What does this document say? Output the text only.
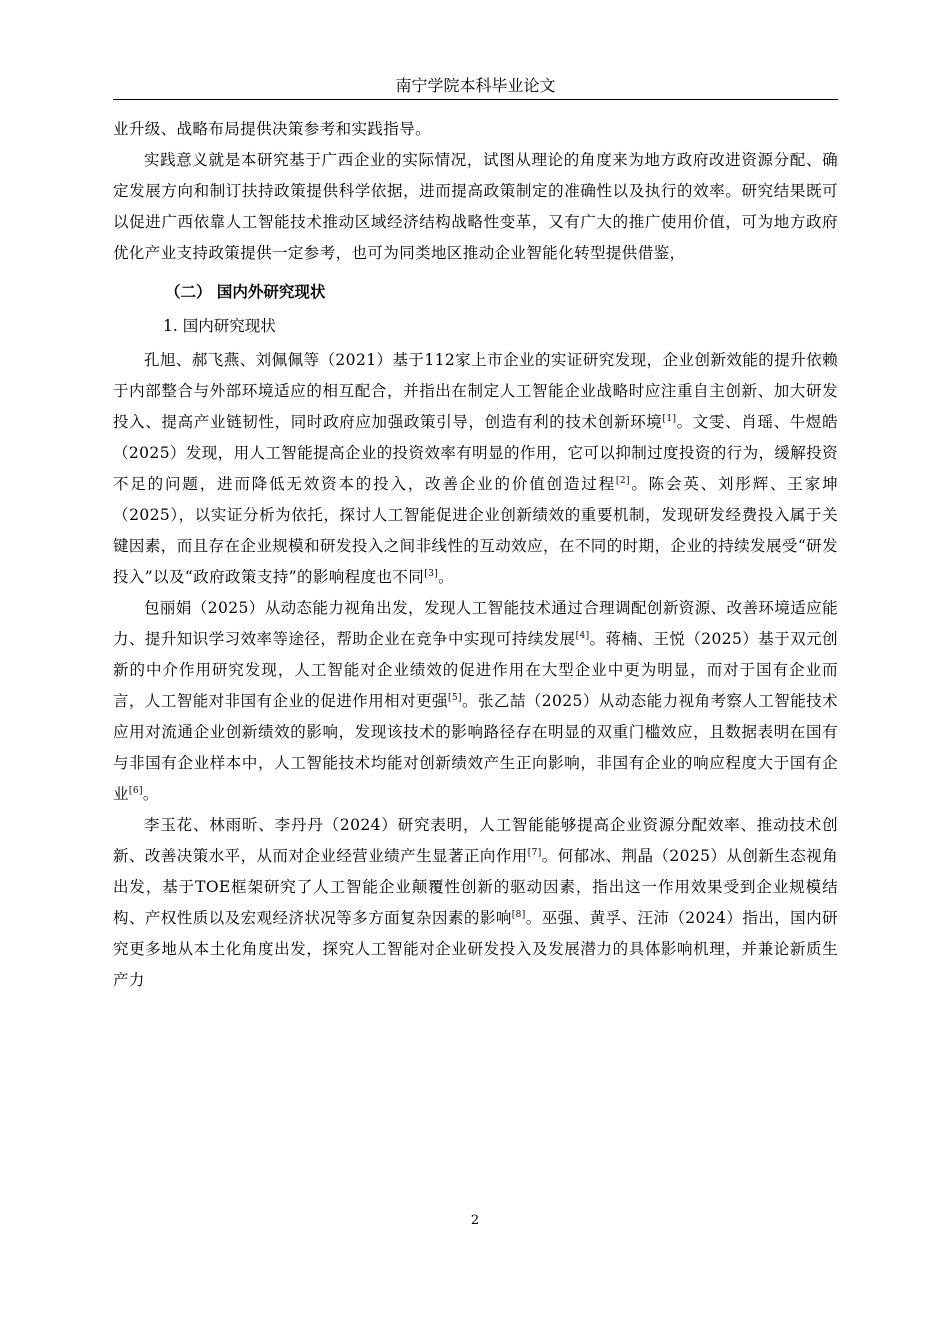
南宁学院本科毕业论文

业升级、战略布局提供决策参考和实践指导。

实践意义就是本研究基于广西企业的实际情况，试图从理论的角度来为地方政府改进资源分配、确定发展方向和制订扶持政策提供科学依据，进而提高政策制定的准确性以及执行的效率。研究结果既可以促进广西依靠人工智能技术推动区域经济结构战略性变革，又有广大的推广使用价值，可为地方政府优化产业支持政策提供一定参考，也可为同类地区推动企业智能化转型提供借鉴，

（二） 国内外研究现状
1. 国内研究现状

孔旭、郝飞燕、刘佩佩等（2021）基于112家上市企业的实证研究发现，企业创新效能的提升依赖于内部整合与外部环境适应的相互配合，并指出在制定人工智能企业战略时应注重自主创新、加大研发投入、提高产业链韧性，同时政府应加强政策引导，创造有利的技术创新环境[1]。文雯、肖瑶、牛煜皓（2025）发现，用人工智能提高企业的投资效率有明显的作用，它可以抑制过度投资的行为，缓解投资不足的问题，进而降低无效资本的投入，改善企业的价值创造过程[2]。陈会英、刘彤辉、王家坤（2025），以实证分析为依托，探讨人工智能促进企业创新绩效的重要机制，发现研发经费投入属于关键因素，而且存在企业规模和研发投入之间非线性的互动效应，在不同的时期，企业的持续发展受“研发投入”以及“政府政策支持”的影响程度也不同[3]。

包丽娟（2025）从动态能力视角出发，发现人工智能技术通过合理调配创新资源、改善环境适应能力、提升知识学习效率等途径，帮助企业在竞争中实现可持续发展[4]。蒋楠、王悦（2025）基于双元创新的中介作用研究发现，人工智能对企业绩效的促进作用在大型企业中更为明显，而对于国有企业而言，人工智能对非国有企业的促进作用相对更强[5]。张乙喆（2025）从动态能力视角考察人工智能技术应用对流通企业创新绩效的影响，发现该技术的影响路径存在明显的双重门槛效应，且数据表明在国有与非国有企业样本中，人工智能技术均能对创新绩效产生正向影响，非国有企业的响应程度大于国有企业[6]。

李玉花、林雨昕、李丹丹（2024）研究表明，人工智能能够提高企业资源分配效率、推动技术创新、改善决策水平，从而对企业经营业绩产生显著正向作用[7]。何郁冰、荆晶（2025）从创新生态视角出发，基于TOE框架研究了人工智能企业颠覆性创新的驱动因素，指出这一作用效果受到企业规模结构、产权性质以及宏观经济状况等多方面复杂因素的影响[8]。巫强、黄孚、汪沛（2024）指出，国内研究更多地从本土化角度出发，探究人工智能对企业研发投入及发展潜力的具体影响机理，并兼论新质生产力

2
